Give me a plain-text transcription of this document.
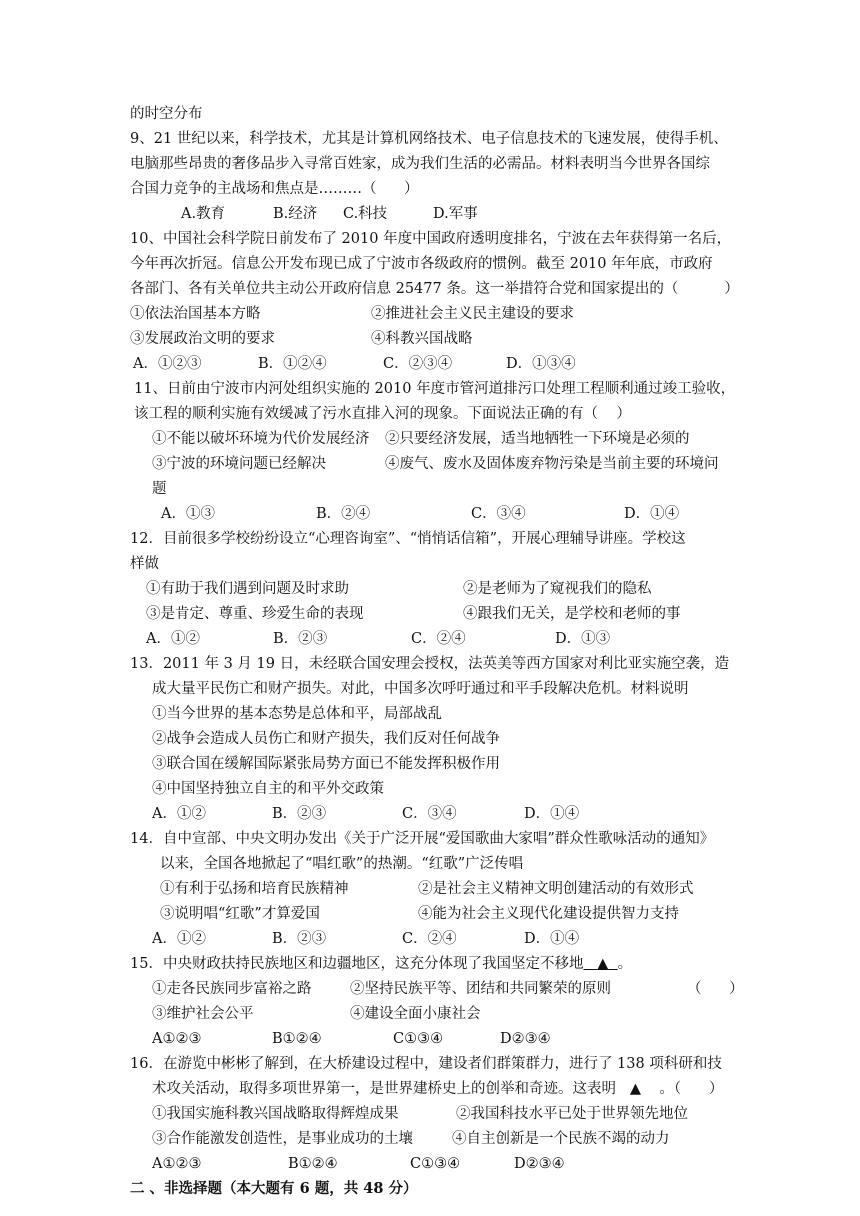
的时空分布
9、21 世纪以来，科学技术，尤其是计算机网络技术、电子信息技术的飞速发展，使得手机、
电脑那些昂贵的奢侈品步入寻常百姓家，成为我们生活的必需品。材料表明当今世界各国综
合国力竞争的主战场和焦点是………（      ）
A.教育	B.经济 C.科技	D.军事
10、中国社会科学院日前发布了 2010 年度中国政府透明度排名，宁波在去年获得第一名后，
今年再次折冠。信息公开发布现已成了宁波市各级政府的惯例。截至 2010 年年底，市政府
各部门、各有关单位共主动公开政府信息 25477 条。这一举措符合党和国家提出的（          ）
①依法治国基本方略	②推进社会主义民主建设的要求
③发展政治文明的要求	④科教兴国战略
A．①②③	B．①②④	C．②③④	D．①③④
11、日前由宁波市内河处组织实施的 2010 年度市管河道排污口处理工程顺利通过竣工验收，
该工程的顺利实施有效缓减了污水直排入河的现象。下面说法正确的有（    ）
①不能以破坏环境为代价发展经济 ②只要经济发展，适当地牺牲一下环境是必须的
③宁波的环境问题已经解决	④废气、废水及固体废弃物污染是当前主要的环境问
题
A．①③	B．②④	C．③④	D．①④
12．目前很多学校纷纷设立“心理咨询室”、“悄悄话信箱”，开展心理辅导讲座。学校这
样做
①有助于我们遇到问题及时求助	②是老师为了窥视我们的隐私
③是肯定、尊重、珍爱生命的表现	④跟我们无关，是学校和老师的事
A．①②	B．②③	C．②④	D．①③
13．2011 年 3 月 19 日，未经联合国安理会授权，法英美等西方国家对利比亚实施空袭，造
成大量平民伤亡和财产损失。对此，中国多次呼吁通过和平手段解决危机。材料说明
①当今世界的基本态势是总体和平，局部战乱
②战争会造成人员伤亡和财产损失，我们反对任何战争
③联合国在缓解国际紧张局势方面已不能发挥积极作用
④中国坚持独立自主的和平外交政策
A．①②	B．②③	C．③④	D．①④
14．自中宣部、中央文明办发出《关于广泛开展“爱国歌曲大家唱”群众性歌咏活动的通知》
以来，全国各地掀起了“唱红歌”的热潮。“红歌”广泛传唱
①有利于弘扬和培育民族精神	②是社会主义精神文明创建活动的有效形式
③说明唱“红歌”才算爱国	④能为社会主义现代化建设提供智力支持
A．①②	B．②③	C．②④	D．①④
15．中央财政扶持民族地区和边疆地区，这充分体现了我国坚定不移地 ▲ 。
①走各民族同步富裕之路	②坚持民族平等、团结和共同繁荣的原则	（      ）
③维护社会公平	④建设全面小康社会
A①②③	B①②④	C①③④	D②③④
16．在游览中彬彬了解到，在大桥建设过程中，建设者们群策群力，进行了 138 项科研和技
术攻关活动，取得多项世界第一，是世界建桥史上的创举和奇迹。这表明   ▲    。（      ）
①我国实施科教兴国战略取得辉煌成果	②我国科技水平已处于世界领先地位
③合作能激发创造性，是事业成功的土壤	④自主创新是一个民族不竭的动力
A①②③	B①②④	C①③④	D②③④
二 、非选择题（本大题有 6 题，共 48 分）
